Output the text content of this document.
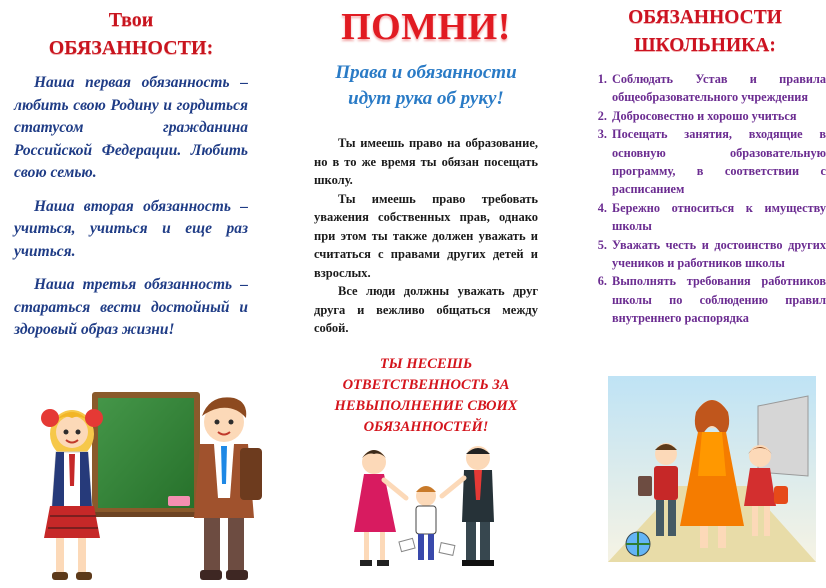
Твои
ОБЯЗАННОСТИ:

Наша первая обязанность – любить свою Родину и гордиться статусом гражданина Российской Федерации. Любить свою семью.

Наша вторая обязанность – учиться, учиться и еще раз учиться.

Наша третья обязанность – стараться вести достойный и здоровый образ жизни!

ПОМНИ!
Права и обязанности идут рука об руку!

Ты имеешь право на образование, но в то же время ты обязан посещать школу.

Ты имеешь право требовать уважения собственных прав, однако при этом ты также должен уважать и считаться с правами других детей и взрослых.

Все люди должны уважать друг друга и вежливо общаться между собой.

ТЫ НЕСЕШЬ ОТВЕТСТВЕННОСТЬ ЗА НЕВЫПОЛНЕНИЕ СВОИХ ОБЯЗАННОСТЕЙ!
ОБЯЗАННОСТИ
ШКОЛЬНИКА:
1. Соблюдать Устав и правила общеобразовательного учреждения
2. Добросовестно и хорошо учиться
3. Посещать занятия, входящие в основную образовательную программу, в соответствии с расписанием
4. Бережно относиться к имуществу школы
5. Уважать честь и достоинство других учеников и работников школы
6. Выполнять требования работников школы по соблюдению правил внутреннего распорядка
